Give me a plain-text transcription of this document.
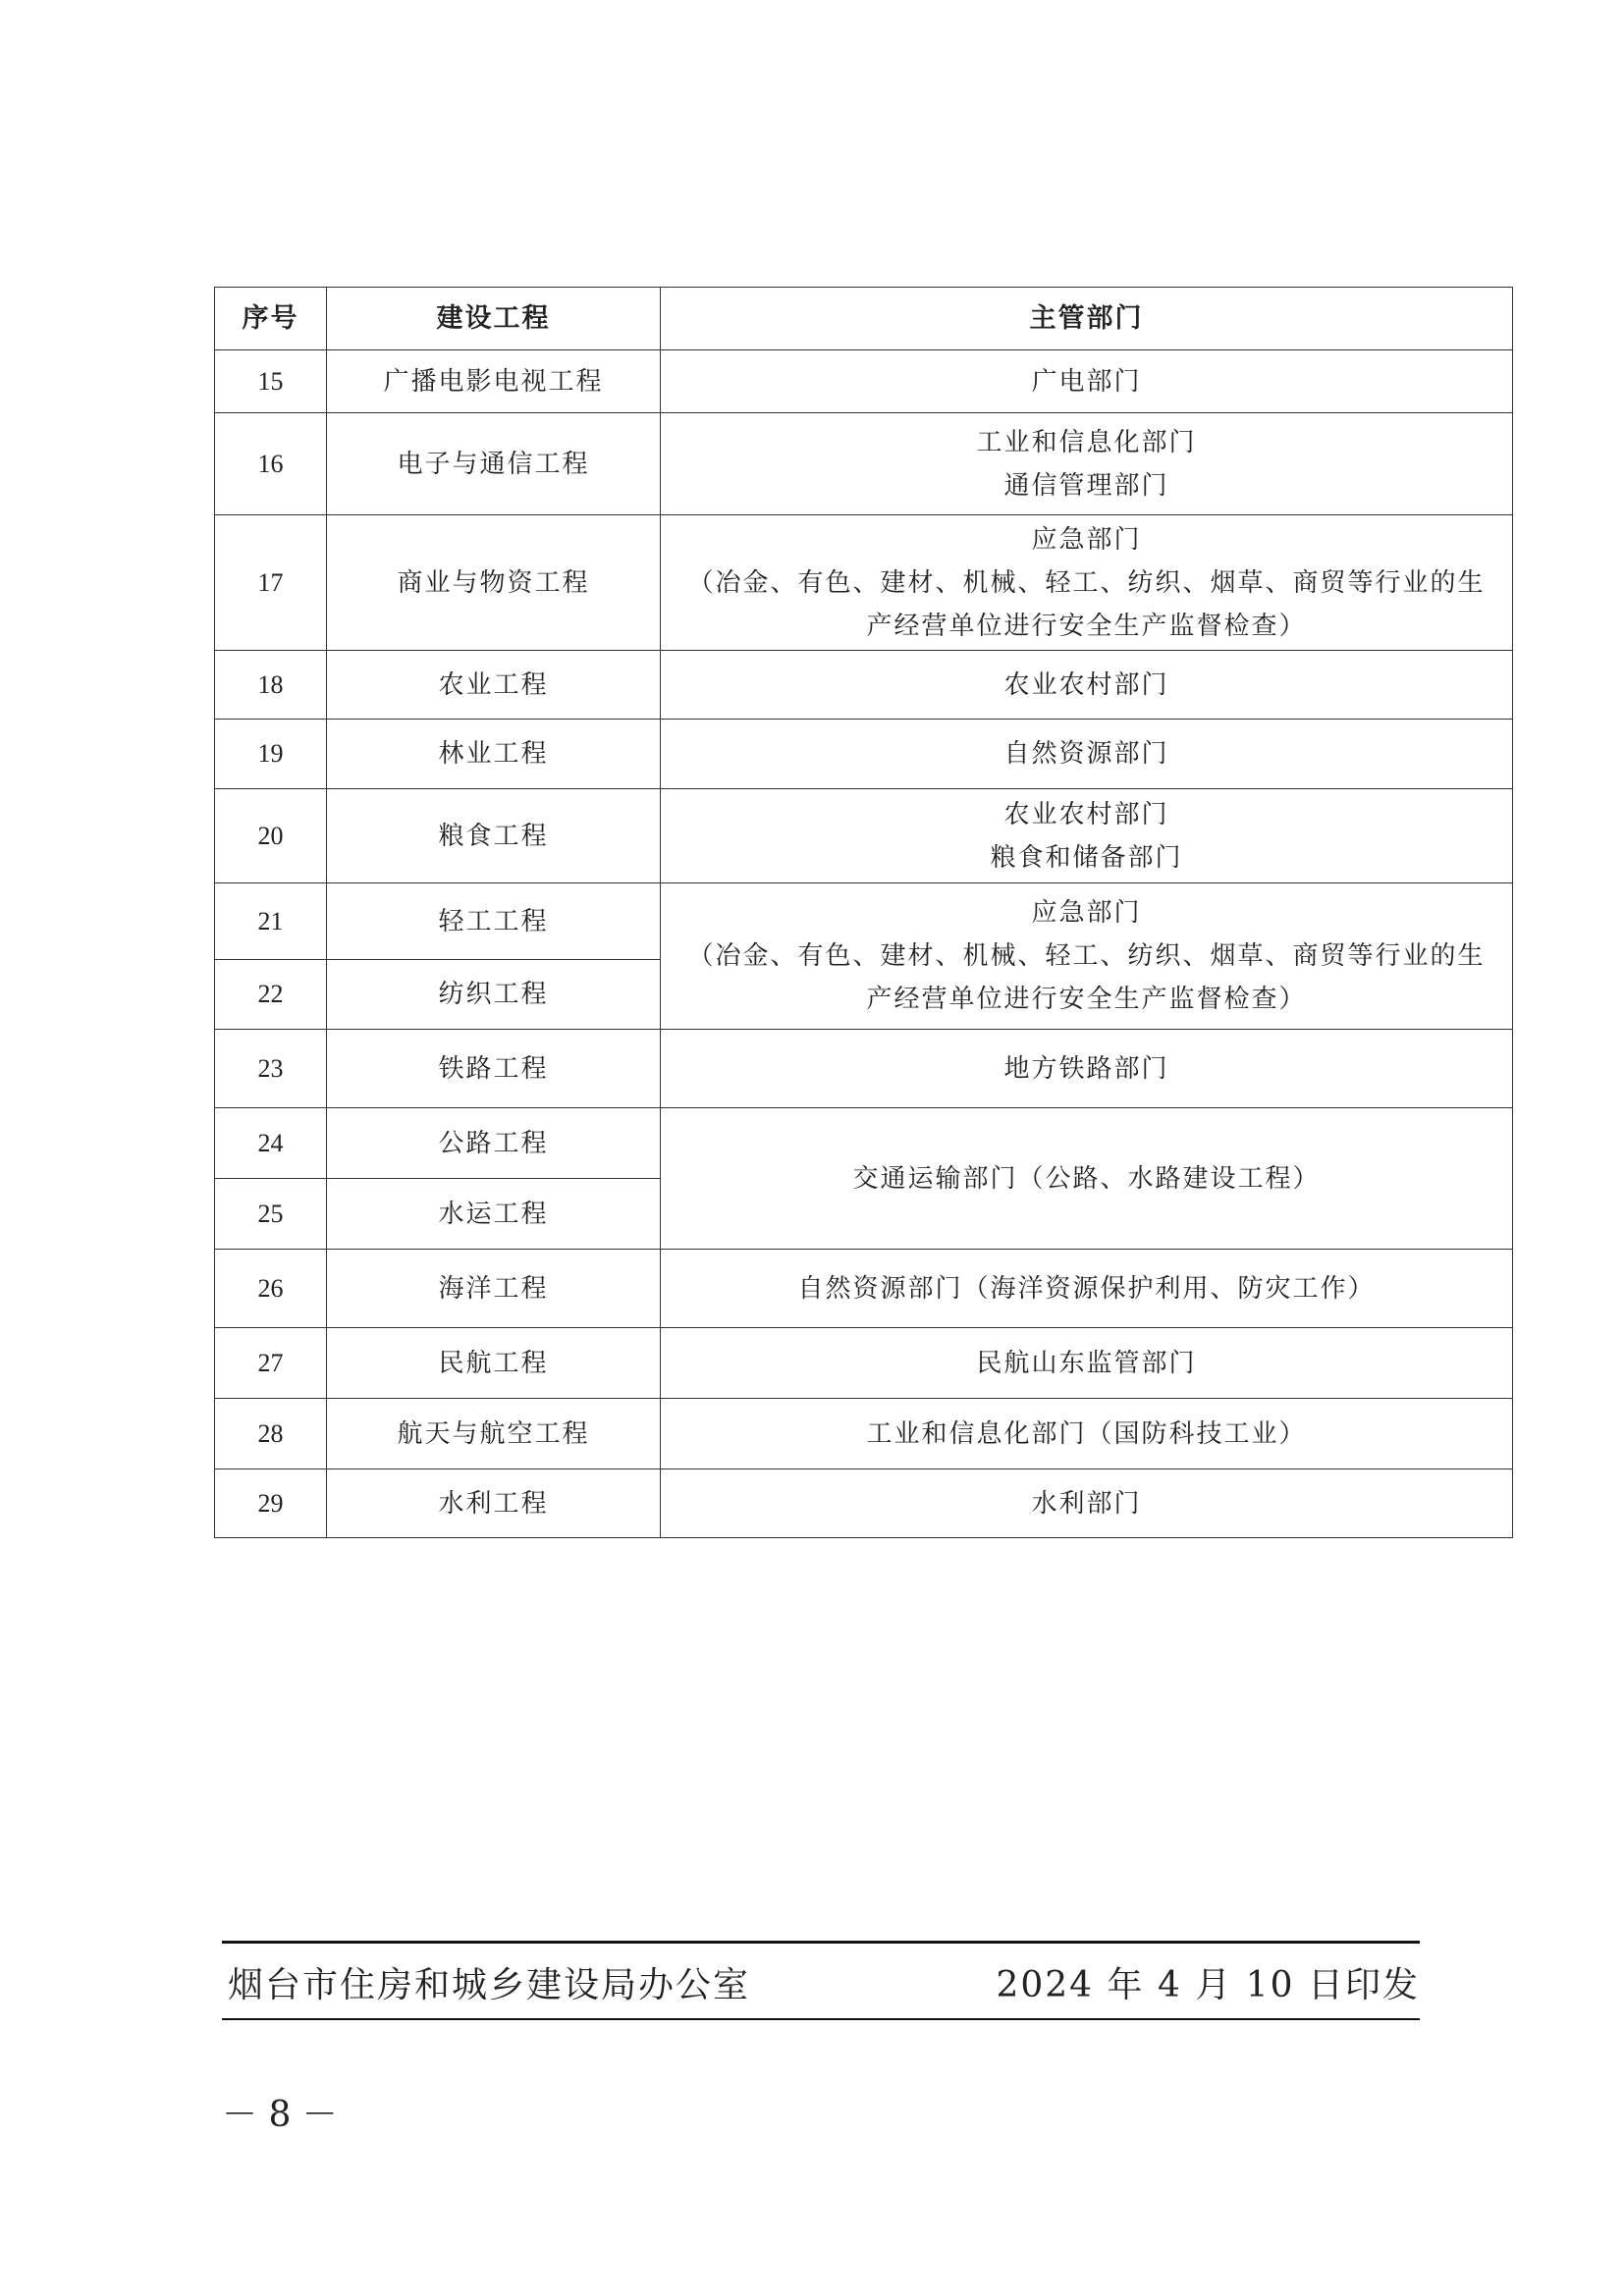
序号	建设工程	主管部门
15	广播电影电视工程	广电部门

16	电子与通信工程	工业和信息化部门
通信管理部门

17	商业与物资工程	应急部门
（冶金、有色、建材、机械、轻工、纺织、烟草、商贸等行业的生
产经营单位进行安全生产监督检查）

18	农业工程	农业农村部门

19	林业工程	自然资源部门

20	粮食工程	农业农村部门
粮食和储备部门

21	轻工工程	应急部门
（冶金、有色、建材、机械、轻工、纺织、烟草、商贸等行业的生
产经营单位进行安全生产监督检查）

22	纺织工程	
23	铁路工程	地方铁路部门

24	公路工程	交通运输部门（公路、水路建设工程）

25	水运工程	
26	海洋工程	自然资源部门（海洋资源保护利用、防灾工作）

27	民航工程	民航山东监管部门

28	航天与航空工程	工业和信息化部门（国防科技工业）

29	水利工程	水利部门
烟台市住房和城乡建设局办公室	2024 年 4 月 10 日印发
－ 8 －
